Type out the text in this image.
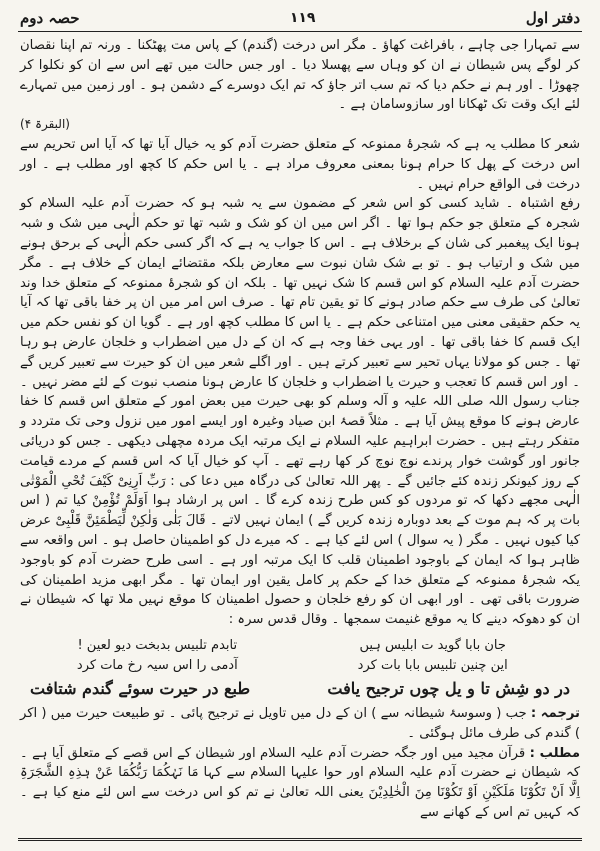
حصہ دوم	۱۱۹	دفتر اول

سے تمہارا جی چاہے ، بافراغت کھاؤ ۔ مگر اس درخت (گندم) کے پاس مت پھٹکنا ۔ ورنہ تم اپنا نقصان کر لوگے پس شیطان نے ان کو وہاں سے پھسلا دیا ۔ اور جس حالت میں تھے اس سے ان کو نکلوا کر چھوڑا ۔ اور ہم نے حکم دیا کہ تم سب اتر جاؤ کہ تم ایک دوسرے کے دشمن ہو ۔ اور زمین میں تمہارے لئے ایک وقت تک ٹھکانا اور سازوسامان ہے ۔

(البقرۃ ۴)

شعر کا مطلب یہ ہے کہ شجرۂ ممنوعہ کے متعلق حضرت آدم کو یہ خیال آیا تھا کہ آیا اس تحریم سے اس درخت کے پھل کا حرام ہونا بمعنی معروف مراد ہے ۔ یا اس حکم کا کچھ اور مطلب ہے ۔ اور درخت فی الواقع حرام نہیں ۔

رفع اشتباہ ۔ شاید کسی کو اس شعر کے مضمون سے یہ شبہ ہو کہ حضرت آدم علیہ السلام کو شجرہ کے متعلق جو حکم ہوا تھا ۔ اگر اس میں ان کو شک و شبہ تھا تو حکم الٰہی میں شک و شبہ ہونا ایک پیغمبر کی شان کے برخلاف ہے ۔ اس کا جواب یہ ہے کہ اگر کسی حکم الٰہی کے برحق ہونے میں شک و ارتیاب ہو ۔ تو بے شک شان نبوت سے معارض بلکہ مقتضائے ایمان کے خلاف ہے ۔ مگر حضرت آدم علیہ السلام کو اس قسم کا شک نہیں تھا ۔ بلکہ ان کو شجرۂ ممنوعہ کے متعلق خدا وند تعالیٰ کی طرف سے حکم صادر ہونے کا تو یقین تام تھا ۔ صرف اس امر میں ان پر خفا باقی تھا کہ آیا یہ حکم حقیقی معنی میں امتناعی حکم ہے ۔ یا اس کا مطلب کچھ اور ہے ۔ گویا ان کو نفس حکم میں ایک قسم کا خفا باقی تھا ۔ اور یہی خفا وجہ ہے کہ ان کے دل میں اضطراب و خلجان عارض ہو رہا تھا ۔ جس کو مولانا یہاں تحیر سے تعبیر کرتے ہیں ۔ اور اگلے شعر میں ان کو حیرت سے تعبیر کریں گے ۔ اور اس قسم کا تعجب و حیرت یا اضطراب و خلجان کا عارض ہونا منصب نبوت کے لئے مضر نہیں ۔ جناب رسول اللہ صلی اللہ علیہ و آلہ وسلم کو بھی حیرت میں بعض امور کے متعلق اس قسم کا خفا عارض ہونے کا موقع پیش آیا ہے ۔ مثلاً قصۂ ابن صیاد وغیرہ اور ایسے امور میں نزول وحی تک متردد و متفکر رہتے ہیں ۔ حضرت ابراہیم علیہ السلام نے ایک مرتبہ ایک مردہ مچھلی دیکھی ۔ جس کو دریائی جانور اور گوشت خوار پرندے نوچ نوچ کر کھا رہے تھے ۔ آپ کو خیال آیا کہ اس قسم کے مردے قیامت کے روز کیونکر زندہ کئے جائیں گے ۔ پھر اللہ تعالیٰ کی درگاہ میں دعا کی : رَبِّ اَرِنِیْ کَیْفَ تُحْیِ الْمَوْتٰی الٰہی مجھے دکھا کہ تو مردوں کو کس طرح زندہ کرے گا ۔ اس پر ارشاد ہوا اَوَلَمْ تُؤْمِنْ کیا تم ( اس بات پر کہ ہم موت کے بعد دوبارہ زندہ کریں گے ) ایمان نہیں لاتے ۔ قَالَ بَلٰی وَلٰکِنْ لِّیَطْمَئِنَّ قَلْبِیْ عرض کیا کیوں نہیں ۔ مگر ( یہ سوال ) اس لئے کیا ہے ۔ کہ میرے دل کو اطمینان حاصل ہو ۔ اس واقعہ سے ظاہر ہوا کہ ایمان کے باوجود اطمینان قلب کا ایک مرتبہ اور ہے ۔ اسی طرح حضرت آدم کو باوجود یکہ شجرۂ ممنوعہ کے متعلق خدا کے حکم پر کامل یقین اور ایمان تھا ۔ مگر ابھی مزید اطمینان کی ضرورت باقی تھی ۔ اور ابھی ان کو رفع خلجان و حصول اطمینان کا موقع نہیں ملا تھا کہ شیطان نے ان کو دھوکہ دینے کا یہ موقع غنیمت سمجھا ۔ وقال قدس سرہ :

جان بابا گوید ت ابلیس ہیں
تابدم تلبیس بدبخت دیو لعین !
این چنین تلبیس بابا بات کرد
آدمی را اس سیہ رخ مات کرد
در دو شِش تا و یل چوں ترجیح یافت
طبع در حیرت سوئے گندم شتافت

ترجمہ : جب ( وسوسۂ شیطانہ سے ) ان کے دل میں تاویل نے ترجیح پائی ۔ تو طبیعت حیرت میں ( اکر ) گندم کی طرف مائل ہوگئی ۔

مطلب : قرآن مجید میں اور جگہ حضرت آدم علیہ السلام اور شیطان کے اس قصے کے متعلق آیا ہے ۔ کہ شیطان نے حضرت آدم علیہ السلام اور حوا علیہا السلام سے کہا مَا نَہٰکُمَا رَبُّکُمَا عَنْ ہٰذِہِ الشَّجَرَۃِ اِلَّا اَنْ تَکُوْنَا مَلَکَیْنِ اَوْ تَکُوْنَا مِنَ الْخٰلِدِیْنَ یعنی اللہ تعالیٰ نے تم کو اس درخت سے اس لئے منع کیا ہے ۔ کہ کہیں تم اس کے کھانے سے
